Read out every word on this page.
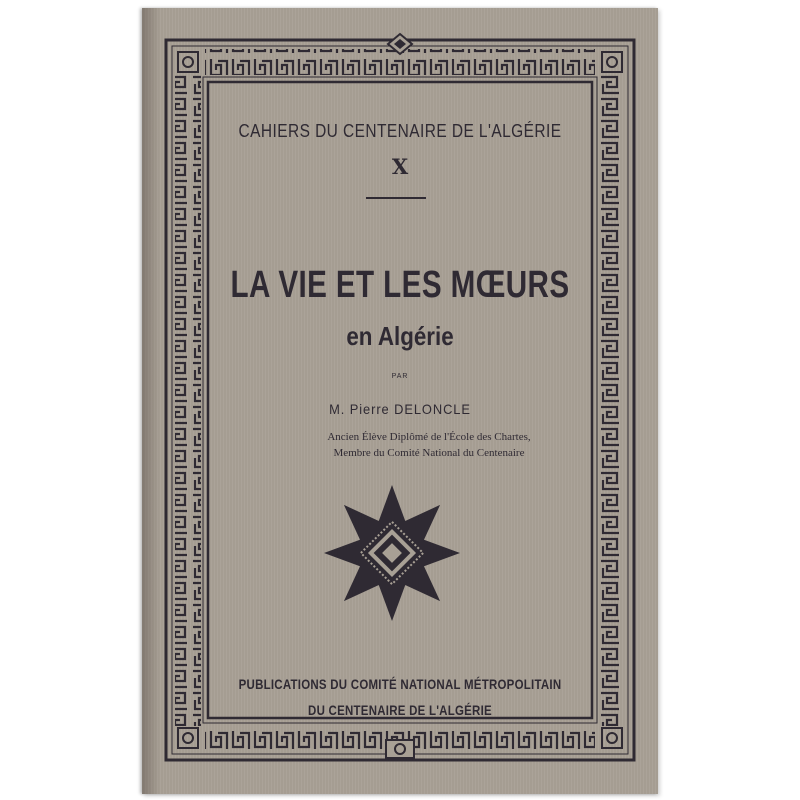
CAHIERS DU CENTENAIRE DE L'ALGÉRIE
X
LA VIE ET LES MŒURS
en Algérie
PAR
M. Pierre DELONCLE
Ancien Élève Diplômé de l'École des Chartes,
Membre du Comité National du Centenaire
PUBLICATIONS DU COMITÉ NATIONAL MÉTROPOLITAIN
DU CENTENAIRE DE L'ALGÉRIE
